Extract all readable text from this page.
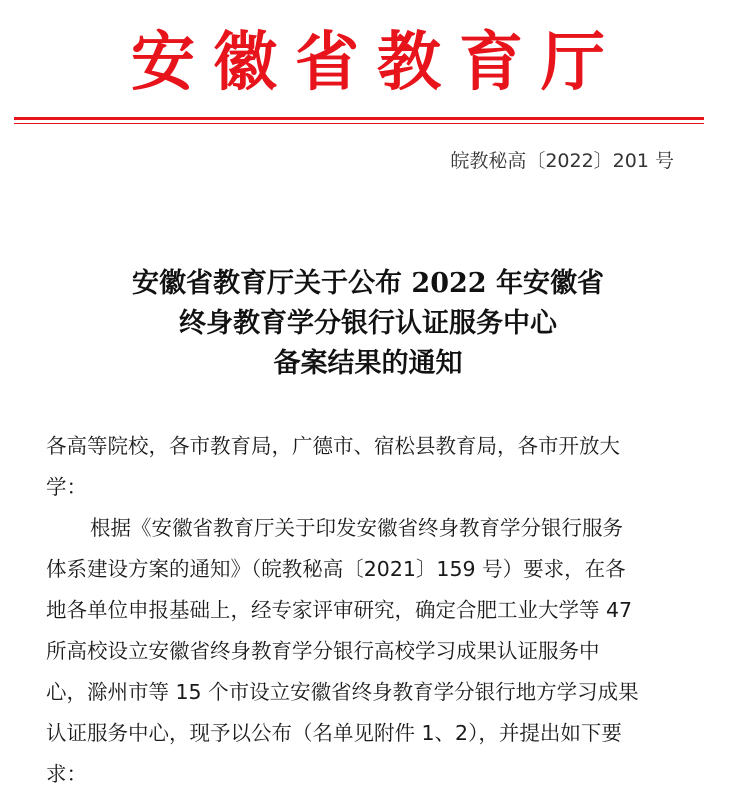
安徽省教育厅
皖教秘高〔2022〕201 号
安徽省教育厅关于公布 2022 年安徽省
终身教育学分银行认证服务中心
备案结果的通知
各高等院校，各市教育局，广德市、宿松县教育局，各市开放大
学：
根据《安徽省教育厅关于印发安徽省终身教育学分银行服务
体系建设方案的通知》（皖教秘高〔2021〕159 号）要求，在各
地各单位申报基础上，经专家评审研究，确定合肥工业大学等 47
所高校设立安徽省终身教育学分银行高校学习成果认证服务中
心，滁州市等 15 个市设立安徽省终身教育学分银行地方学习成果
认证服务中心，现予以公布（名单见附件 1、2），并提出如下要
求：
